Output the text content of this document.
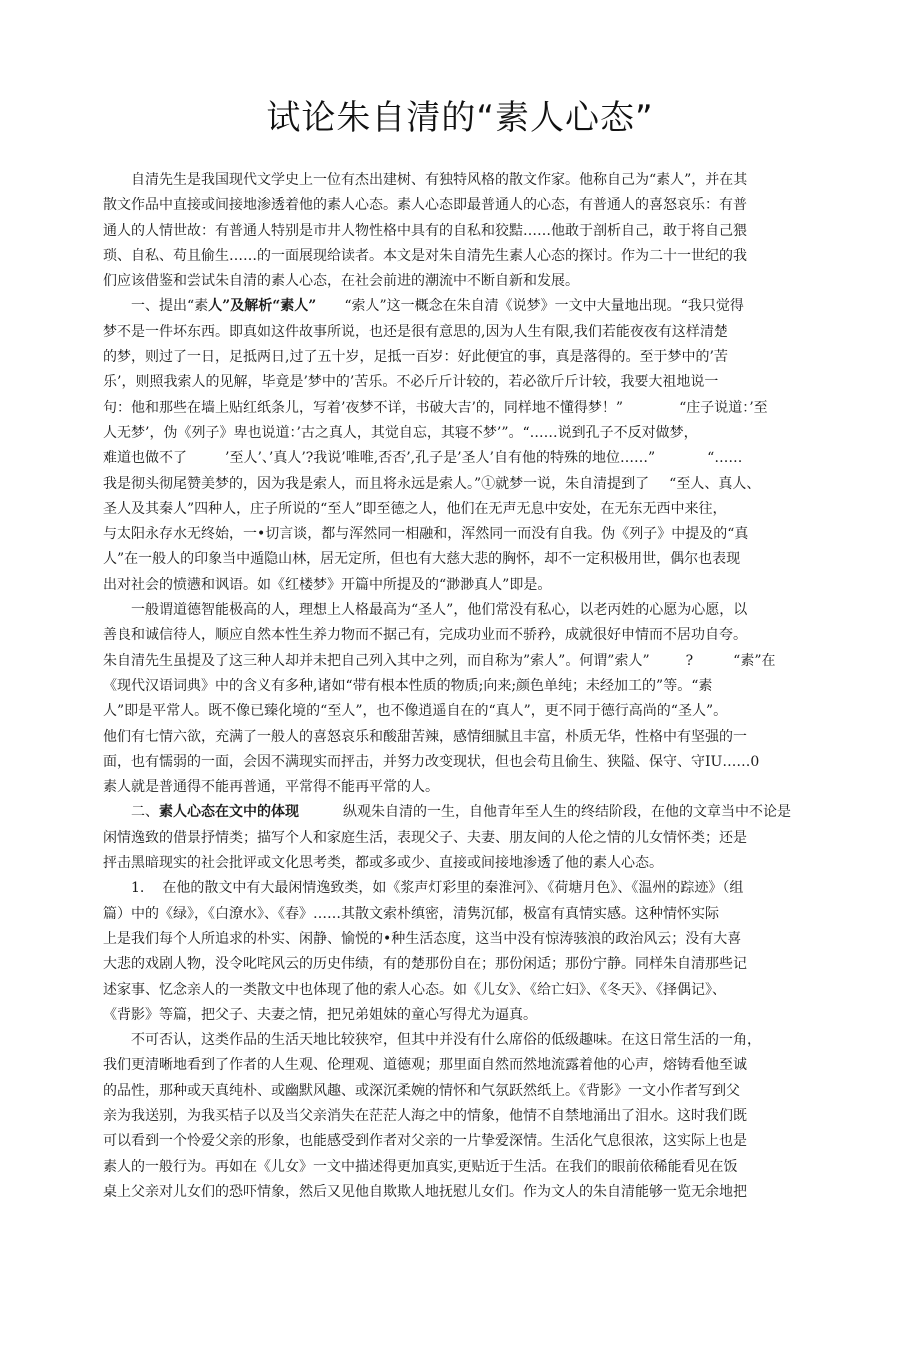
试论朱自清的“素人心态”
自清先生是我国现代文学史上一位有杰出建树、有独特风格的散文作家。他称自己为“素人”，并在其
散文作品中直接或间接地渗透着他的素人心态。素人心态即最普通人的心态，有普通人的喜怒哀乐：有普
通人的人情世故：有普通人特别是市井人物性格中具有的自私和狡黠……他敢于剖析自己，敢于将自己猥
琐、自私、苟且偷生……的一面展现给读者。本文是对朱自清先生素人心态的探讨。作为二十一世纪的我
们应该借鉴和尝试朱自清的素人心态，在社会前进的潮流中不断自新和发展。
一、提出“素人”及解析“素人” “索人”这一概念在朱自清《说梦》一文中大量地出现。“我只觉得
梦不是一件坏东西。即真如这件故事所说，也还是很有意思的,因为人生有限,我们若能夜夜有这样清楚
的梦，则过了一日，足抵两日,过了五十岁，足抵一百岁：好此便宜的事，真是落得的。至于梦中的’苦
乐’，则照我索人的见解，毕竟是’梦中的’苦乐。不必斤斤计较的，若必欲斤斤计较，我要大祖地说一
句：他和那些在墙上贴红纸条儿，写着’夜梦不详，书破大吉’的，同样地不懂得梦！”	“庄子说道：’至
人无梦’，伪《列子》卑也说道：’古之真人，其觉自忘，其寝不梦’”。“……说到孔子不反对做梦，
难道也做不了	’至人’、’真人’?我说’唯唯,否否’,孔子是’圣人’自有他的特殊的地位……”	“……
我是彻头彻尾赞美梦的，因为我是索人，而且将永远是索人。”①就梦一说，朱自清提到了 “至人、真人、
圣人及其秦人”四种人，庄子所说的“至人”即至德之人，他们在无声无息中安处，在无东无西中来往，
与太阳永存水无终始，一•切言谈，都与浑然同一相融和，浑然同一而没有自我。伪《列子》中提及的“真
人”在一般人的印象当中遁隐山林，居无定所，但也有大慈大悲的胸怀，却不一定积极用世，偶尔也表现
出对社会的愤懑和讽语。如《红楼梦》开篇中所提及的“渺渺真人”即是。
一般谓道德智能极高的人，理想上人格最高为“圣人”，他们常没有私心，以老丙姓的心愿为心愿，以
善良和诚信待人，顺应自然本性生养力物而不据己有，完成功业而不骄矜，成就很好申情而不居功自夸。
朱自清先生虽提及了这三种人却并未把自己列入其中之列，而自称为”索人”。何谓”索人”	?	“素”在
《现代汉语词典》中的含义有多种,诸如“带有根本性质的物质;向来;颜色单纯；未经加工的”等。“素
人”即是平常人。既不像已臻化境的“至人”，也不像逍遥自在的“真人”，更不同于德行高尚的“圣人”。
他们有七情六欲，充满了一般人的喜怒哀乐和酸甜苦辣，感情细腻且丰富，朴质无华，性格中有坚强的一
面，也有懦弱的一面，会因不满现实而抨击，并努力改变现状，但也会苟且偷生、狭隘、保守、守IU……0
素人就是普通得不能再普通，平常得不能再平常的人。
二、素人心态在文中的体现	纵观朱自清的一生，自他青年至人生的终结阶段，在他的文章当中不论是
闲情逸致的借景抒情类；描写个人和家庭生活，表现父子、夫妻、朋友间的人伦之情的儿女情怀类；还是
抨击黑暗现实的社会批评或文化思考类，都或多或少、直接或间接地渗透了他的素人心态。
1. 在他的散文中有大最闲情逸致类，如《浆声灯彩里的秦淮河》、《荷塘月色》、《温州的踪迹》（组
篇）中的《绿》，《白潦水》、《春》……其散文索朴缜密，清隽沉郁，极富有真情实感。这种情怀实际
上是我们每个人所追求的朴实、闲静、愉悦的•种生活态度，这当中没有惊涛骇浪的政治风云；没有大喜
大悲的戏剧人物，没令叱咤风云的历史伟绩，有的楚那份自在；那份闲适；那份宁静。同样朱自清那些记
述家事、忆念亲人的一类散文中也体现了他的索人心态。如《儿女》、《给亡妇》、《冬天》、《择偶记》、
《背影》等篇，把父子、夫妻之情，把兄弟姐妹的童心写得尤为逼真。
不可否认，这类作品的生活天地比较狭窄，但其中并没有什么席俗的低级趣味。在这日常生活的一角，
我们更清晰地看到了作者的人生观、伦理观、道德观；那里面自然而然地流露着他的心声，熔铸看他至诚
的品性，那种或天真纯朴、或幽默风趣、或深沉柔婉的情怀和气氛跃然纸上。《背影》一文小作者写到父
亲为我送别，为我买桔子以及当父亲消失在茫茫人海之中的情象，他情不自禁地涌出了泪水。这时我们既
可以看到一个怜爱父亲的形象，也能感受到作者对父亲的一片挚爱深情。生活化气息很浓，这实际上也是
素人的一般行为。再如在《儿女》一文中描述得更加真实,更贴近于生活。在我们的眼前依稀能看见在饭
桌上父亲对儿女们的恐吓情象，然后又见他自欺欺人地抚慰儿女们。作为文人的朱自清能够一览无余地把
